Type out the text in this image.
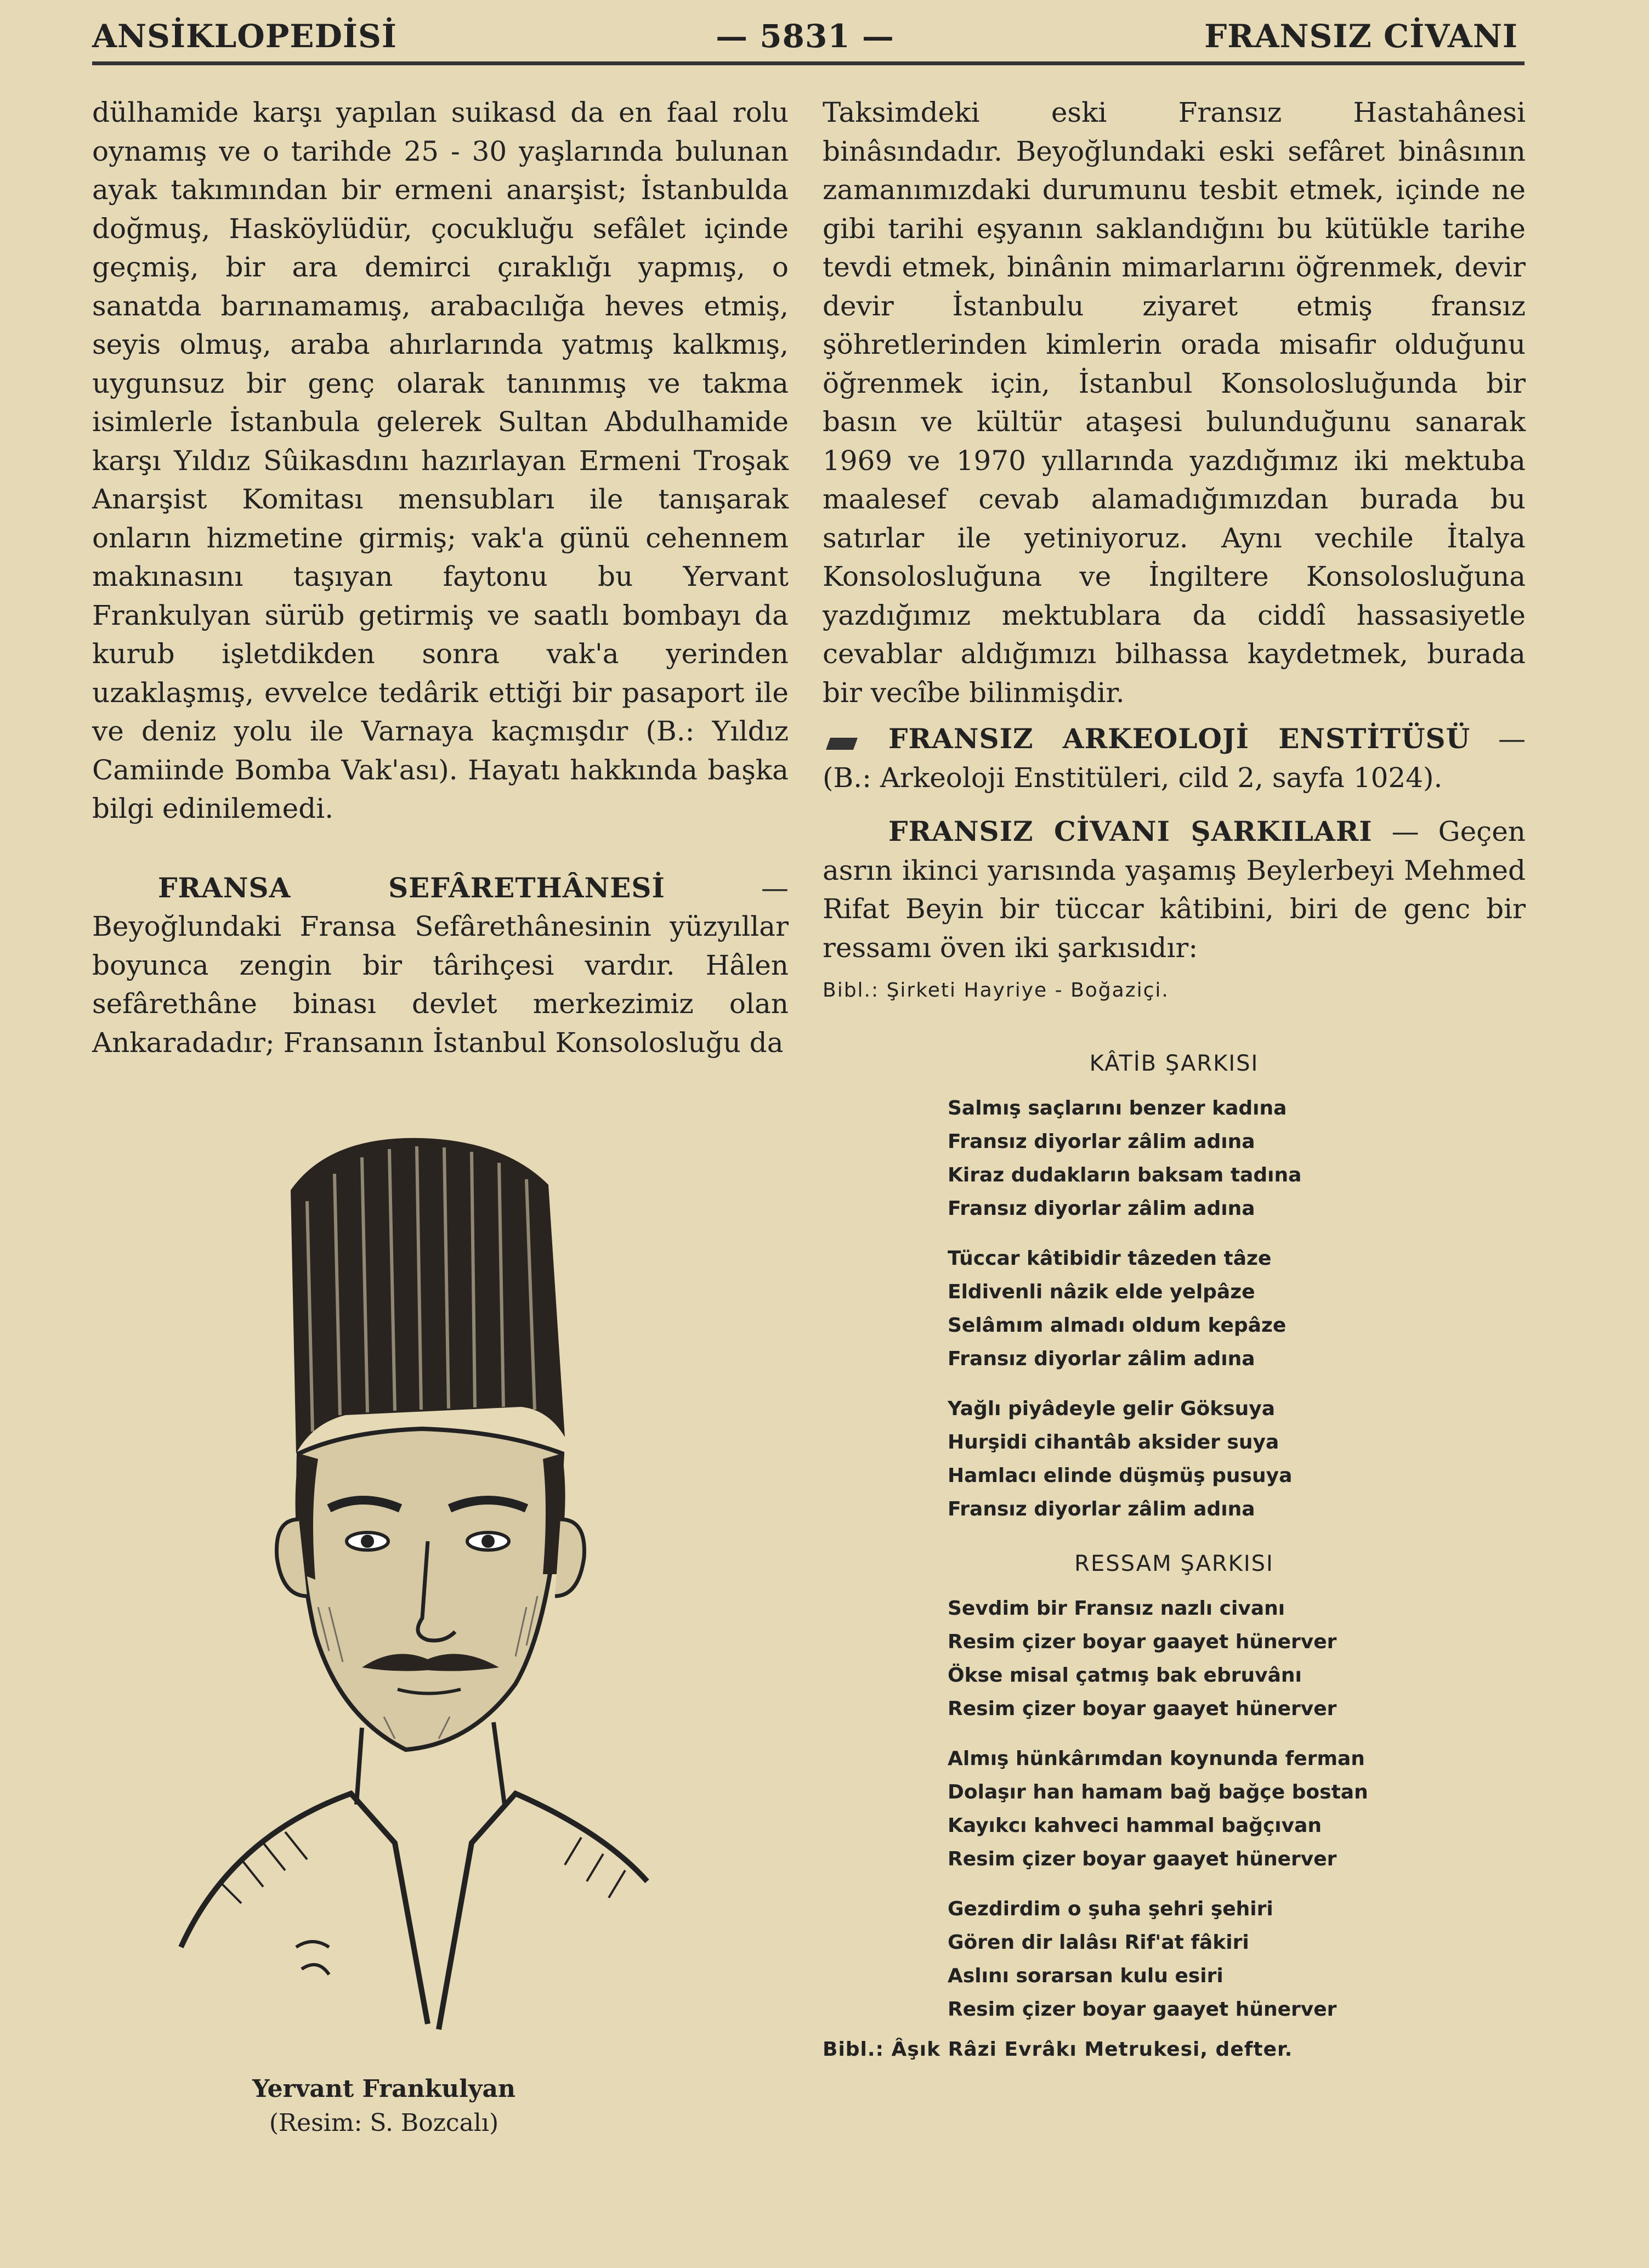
ANSİKLOPEDİSİ	— 5831 —	FRANSIZ CİVANI

dülhamide karşı yapılan suikasd da en faal rolu oynamış ve o tarihde 25 - 30 yaşlarında bulunan ayak takımından bir ermeni anarşist; İstanbulda doğmuş, Hasköylüdür, çocukluğu sefâlet içinde geçmiş, bir ara demirci çıraklığı yapmış, o sanatda barınamamış, arabacılığa heves etmiş, seyis olmuş, araba ahırlarında yatmış kalkmış, uygunsuz bir genç olarak tanınmış ve takma isimlerle İstanbula gelerek Sultan Abdulhamide karşı Yıldız Sûikasdını hazırlayan Ermeni Troşak Anarşist Komitası mensubları ile tanışarak onların hizmetine girmiş; vak'a günü cehennem makınasını taşıyan faytonu bu Yervant Frankulyan sürüb getirmiş ve saatlı bombayı da kurub işletdikden sonra vak'a yerinden uzaklaşmış, evvelce tedârik ettiği bir pasaport ile ve deniz yolu ile Varnaya kaçmışdır (B.: Yıldız Camiinde Bomba Vak'ası). Hayatı hakkında başka bilgi edinilemedi.

FRANSA SEFÂRETHÂNESİ — Beyoğlundaki Fransa Sefârethânesinin yüzyıllar boyunca zengin bir târihçesi vardır. Hâlen sefârethâne binası devlet merkezimiz olan Ankaradadır; Fransanın İstanbul Konsolosluğu da

Yervant Frankulyan
(Resim: S. Bozcalı)

Taksimdeki eski Fransız Hastahânesi binâsındadır. Beyoğlundaki eski sefâret binâsının zamanımızdaki durumunu tesbit etmek, içinde ne gibi tarihi eşyanın saklandığını bu kütükle tarihe tevdi etmek, binânin mimarlarını öğrenmek, devir devir İstanbulu ziyaret etmiş fransız şöhretlerinden kimlerin orada misafir olduğunu öğrenmek için, İstanbul Konsolosluğunda bir basın ve kültür ataşesi bulunduğunu sanarak 1969 ve 1970 yıllarında yazdığımız iki mektuba maalesef cevab alamadığımızdan burada bu satırlar ile yetiniyoruz. Aynı vechile İtalya Konsolosluğuna ve İngiltere Konsolosluğuna yazdığımız mektublara da ciddî hassasiyetle cevablar aldığımızı bilhassa kaydetmek, burada bir vecîbe bilinmişdir.

FRANSIZ ARKEOLOJİ ENSTİTÜSÜ — (B.: Arkeoloji Enstitüleri, cild 2, sayfa 1024).

FRANSIZ CİVANI ŞARKILARI — Geçen asrın ikinci yarısında yaşamış Beylerbeyi Mehmed Rifat Beyin bir tüccar kâtibini, biri de genc bir ressamı öven iki şarkısıdır:

Bibl.: Şirketi Hayriye - Boğaziçi.

KÂTİB ŞARKISI

Salmış saçlarını benzer kadına
Fransız diyorlar zâlim adına
Kiraz dudakların baksam tadına
Fransız diyorlar zâlim adına
Tüccar kâtibidir tâzeden tâze
Eldivenli nâzik elde yelpâze
Selâmım almadı oldum kepâze
Fransız diyorlar zâlim adına
Yağlı piyâdeyle gelir Göksuya
Hurşidi cihantâb aksider suya
Hamlacı elinde düşmüş pusuya
Fransız diyorlar zâlim adına

RESSAM ŞARKISI

Sevdim bir Fransız nazlı civanı
Resim çizer boyar gaayet hünerver
Ökse misal çatmış bak ebruvânı
Resim çizer boyar gaayet hünerver
Almış hünkârımdan koynunda ferman
Dolaşır han hamam bağ bağçe bostan
Kayıkcı kahveci hammal bağçıvan
Resim çizer boyar gaayet hünerver
Gezdirdim o şuha şehri şehiri
Gören dir lalâsı Rif'at fâkiri
Aslını sorarsan kulu esiri
Resim çizer boyar gaayet hünerver

Bibl.: Âşık Râzi Evrâkı Metrukesi, defter.
